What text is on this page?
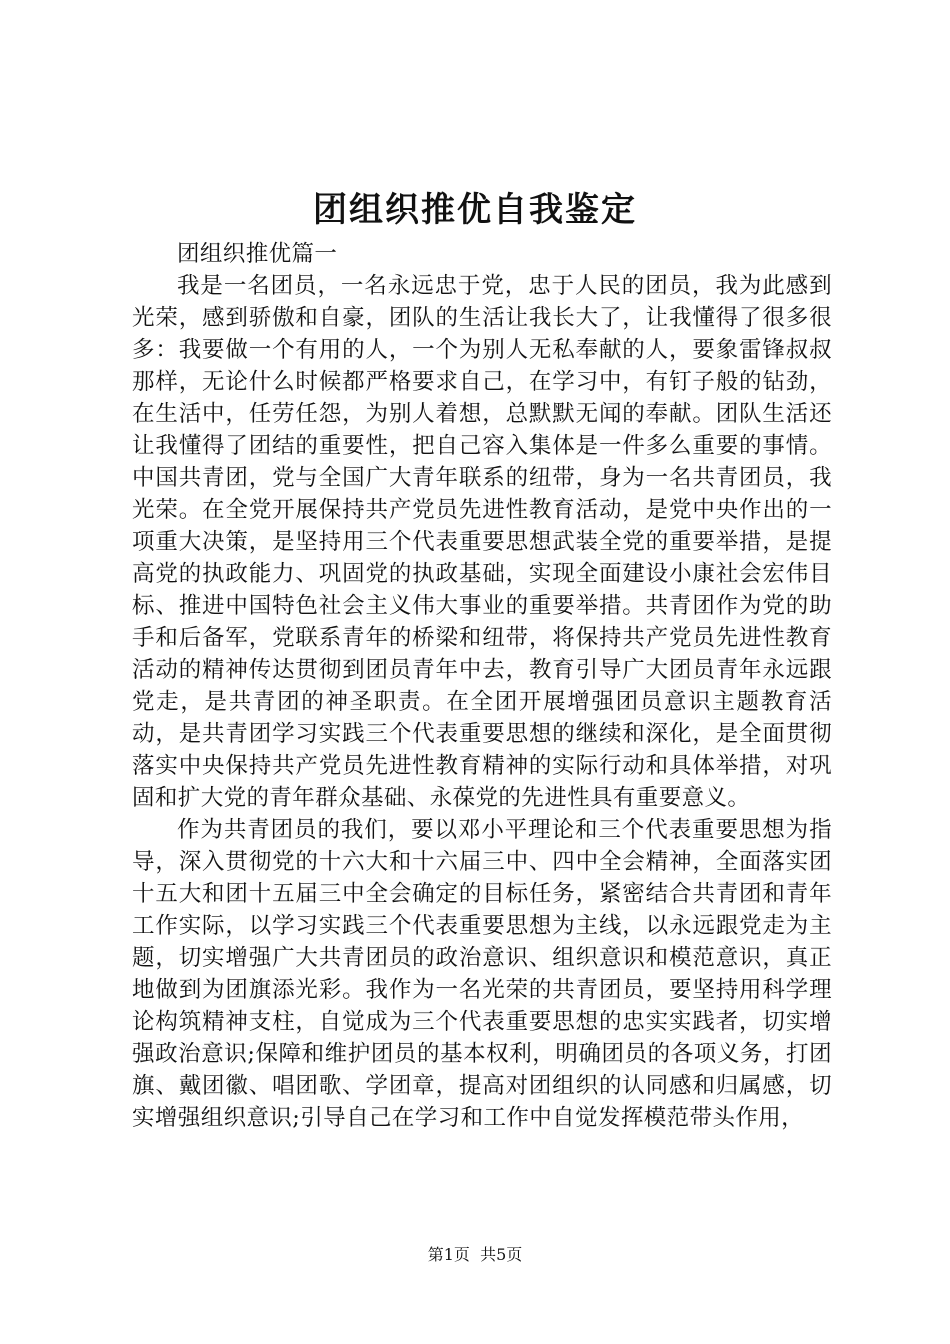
团组织推优自我鉴定
团组织推优篇一

我是一名团员，一名永远忠于党，忠于人民的团员，我为此感到光荣，感到骄傲和自豪，团队的生活让我长大了，让我懂得了很多很多：我要做一个有用的人，一个为别人无私奉献的人，要象雷锋叔叔那样，无论什么时候都严格要求自己，在学习中，有钉子般的钻劲，在生活中，任劳任怨，为别人着想，总默默无闻的奉献。团队生活还让我懂得了团结的重要性，把自己容入集体是一件多么重要的事情。中国共青团，党与全国广大青年联系的纽带，身为一名共青团员，我光荣。在全党开展保持共产党员先进性教育活动，是党中央作出的一项重大决策，是坚持用三个代表重要思想武装全党的重要举措，是提高党的执政能力、巩固党的执政基础，实现全面建设小康社会宏伟目标、推进中国特色社会主义伟大事业的重要举措。共青团作为党的助手和后备军，党联系青年的桥梁和纽带，将保持共产党员先进性教育活动的精神传达贯彻到团员青年中去，教育引导广大团员青年永远跟党走，是共青团的神圣职责。在全团开展增强团员意识主题教育活动，是共青团学习实践三个代表重要思想的继续和深化，是全面贯彻落实中央保持共产党员先进性教育精神的实际行动和具体举措，对巩固和扩大党的青年群众基础、永葆党的先进性具有重要意义。

作为共青团员的我们，要以邓小平理论和三个代表重要思想为指导，深入贯彻党的十六大和十六届三中、四中全会精神，全面落实团十五大和团十五届三中全会确定的目标任务，紧密结合共青团和青年工作实际，以学习实践三个代表重要思想为主线，以永远跟党走为主题，切实增强广大共青团员的政治意识、组织意识和模范意识，真正地做到为团旗添光彩。我作为一名光荣的共青团员，要坚持用科学理论构筑精神支柱，自觉成为三个代表重要思想的忠实实践者，切实增强政治意识;保障和维护团员的基本权利，明确团员的各项义务，打团旗、戴团徽、唱团歌、学团章，提高对团组织的认同感和归属感，切实增强组织意识;引导自己在学习和工作中自觉发挥模范带头作用，

第1页 共5页
